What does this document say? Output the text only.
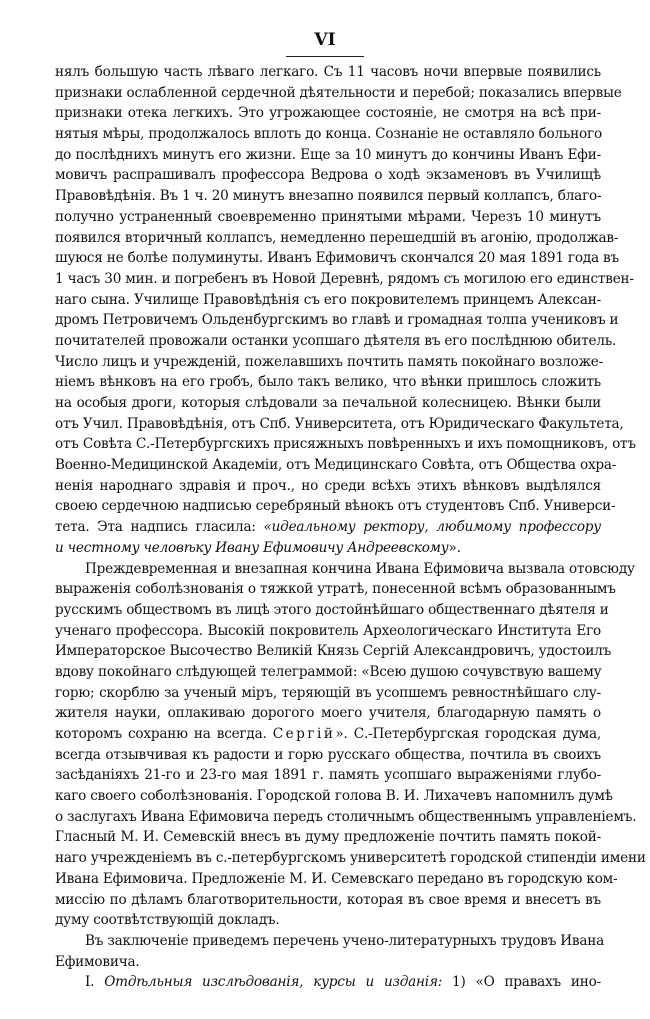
VI
нялъ большую часть лѣваго легкаго. Съ 11 часовъ ночи впервые появились
признаки ослабленной сердечной дѣятельности и перебой; показались впервые
признаки отека легкихъ. Это угрожающее состояніе, не смотря на всѣ при-
нятыя мѣры, продолжалось вплоть до конца. Сознаніе не оставляло больного
до послѣднихъ минутъ его жизни. Еще за 10 минутъ до кончины Иванъ Ефи-
мовичъ распрашивалъ профессора Ведрова о ходѣ экзаменовъ въ Училищѣ
Правовѣдѣнія. Въ 1 ч. 20 минутъ внезапно появился первый коллапсъ, благо-
получно устраненный своевременно принятыми мѣрами. Черезъ 10 минутъ
появился вторичный коллапсъ, немедленно перешедшій въ агонію, продолжав-
шуюся не болѣе полуминуты. Иванъ Ефимовичъ скончался 20 мая 1891 года въ
1 часъ 30 мин. и погребенъ въ Новой Деревнѣ, рядомъ съ могилою его единствен-
наго сына. Училище Правовѣдѣнія съ его покровителемъ принцемъ Алексан-
дромъ Петровичемъ Ольденбургскимъ во главѣ и громадная толпа учениковъ и
почитателей провожали останки усопшаго дѣятеля въ его послѣднюю обитель.
Число лицъ и учрежденій, пожелавшихъ почтить память покойнаго возложе-
ніемъ вѣнковъ на его гробъ, было такъ велико, что вѣнки пришлось сложить
на особыя дроги, которыя слѣдовали за печальной колесницею. Вѣнки были
отъ Учил. Правовѣдѣнія, отъ Спб. Университета, отъ Юридическаго Факультета,
отъ Совѣта С.-Петербургскихъ присяжныхъ повѣренныхъ и ихъ помощниковъ, отъ
Военно-Медицинской Академіи, отъ Медицинскаго Совѣта, отъ Общества охра-
ненія народнаго здравія и проч., но среди всѣхъ этихъ вѣнковъ выдѣлялся
своею сердечною надписью серебряный вѣнокъ отъ студентовъ Спб. Универси-
тета. Эта надпись гласила: «идеальному ректору, любимому профессору
и честному человѣку Ивану Ефимовичу Андреевскому».
Преждевременная и внезапная кончина Ивана Ефимовича вызвала отовсюду
выраженія соболѣзнованія о тяжкой утратѣ, понесенной всѣмъ образованнымъ
русскимъ обществомъ въ лицѣ этого достойнѣйшаго общественнаго дѣятеля и
ученаго профессора. Высокій покровитель Археологическаго Института Его
Императорское Высочество Великій Князь Сергій Александровичъ, удостоилъ
вдову покойнаго слѣдующей телеграммой: «Всею душою сочувствую вашему
горю; скорблю за ученый міръ, теряющій въ усопшемъ ревностнѣйшаго слу-
жителя науки, оплакиваю дорогого моего учителя, благодарную память о
которомъ сохраню на всегда. Сергій». С.-Петербургская городская дума,
всегда отзывчивая къ радости и горю русскаго общества, почтила въ своихъ
засѣданіяхъ 21-го и 23-го мая 1891 г. память усопшаго выраженіями глубо-
каго своего соболѣзнованія. Городской голова В. И. Лихачевъ напомнилъ думѣ
о заслугахъ Ивана Ефимовича передъ столичнымъ общественнымъ управленіемъ.
Гласный М. И. Семевскій внесъ въ думу предложеніе почтить память покой-
наго учрежденіемъ въ с.-петербургскомъ университетѣ городской стипендіи имени
Ивана Ефимовича. Предложеніе М. И. Семевскаго передано въ городскую ком-
миссію по дѣламъ благотворительности, которая въ свое время и внесетъ въ
думу соотвѣтствующій докладъ.
Въ заключеніе приведемъ перечень учено-литературныхъ трудовъ Ивана
Ефимовича.
I. Отдѣльныя изслѣдованія, курсы и изданія: 1) «О правахъ ино-
